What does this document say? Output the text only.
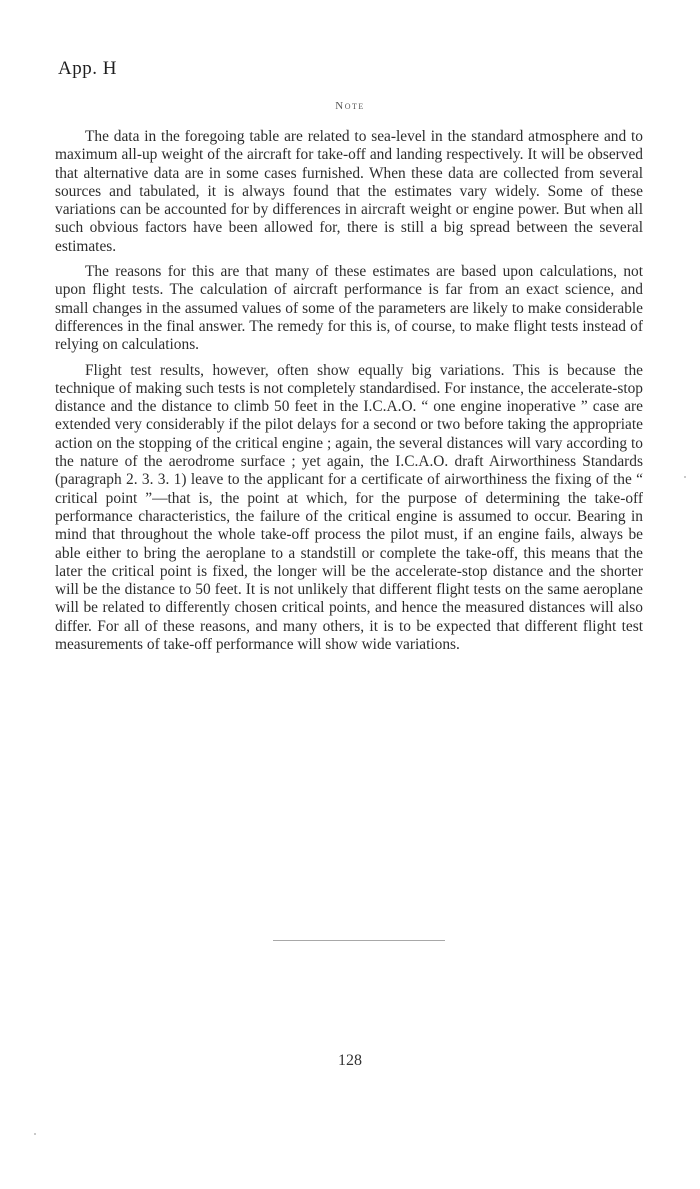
App. H
Note

The data in the foregoing table are related to sea-level in the standard atmosphere and to maximum all-up weight of the aircraft for take-off and landing respectively. It will be observed that alternative data are in some cases furnished. When these data are collected from several sources and tabulated, it is always found that the estimates vary widely. Some of these variations can be accounted for by differences in aircraft weight or engine power. But when all such obvious factors have been allowed for, there is still a big spread between the several estimates.

The reasons for this are that many of these estimates are based upon calculations, not upon flight tests. The calculation of aircraft performance is far from an exact science, and small changes in the assumed values of some of the parameters are likely to make considerable differences in the final answer. The remedy for this is, of course, to make flight tests instead of relying on calculations.

Flight test results, however, often show equally big variations. This is because the technique of making such tests is not completely standardised. For instance, the accelerate-stop distance and the distance to climb 50 feet in the I.C.A.O. “ one engine inoperative ” case are extended very considerably if the pilot delays for a second or two before taking the appropriate action on the stopping of the critical engine ; again, the several distances will vary according to the nature of the aerodrome surface ; yet again, the I.C.A.O. draft Airworthiness Standards (paragraph 2. 3. 3. 1) leave to the applicant for a certificate of airworthiness the fixing of the “ critical point ”—that is, the point at which, for the purpose of determining the take-off performance characteristics, the failure of the critical engine is assumed to occur. Bearing in mind that throughout the whole take-off process the pilot must, if an engine fails, always be able either to bring the aeroplane to a standstill or complete the take-off, this means that the later the critical point is fixed, the longer will be the accelerate-stop distance and the shorter will be the distance to 50 feet. It is not unlikely that different flight tests on the same aeroplane will be related to differently chosen critical points, and hence the measured distances will also differ. For all of these reasons, and many others, it is to be expected that different flight test measurements of take-off performance will show wide variations.

128
